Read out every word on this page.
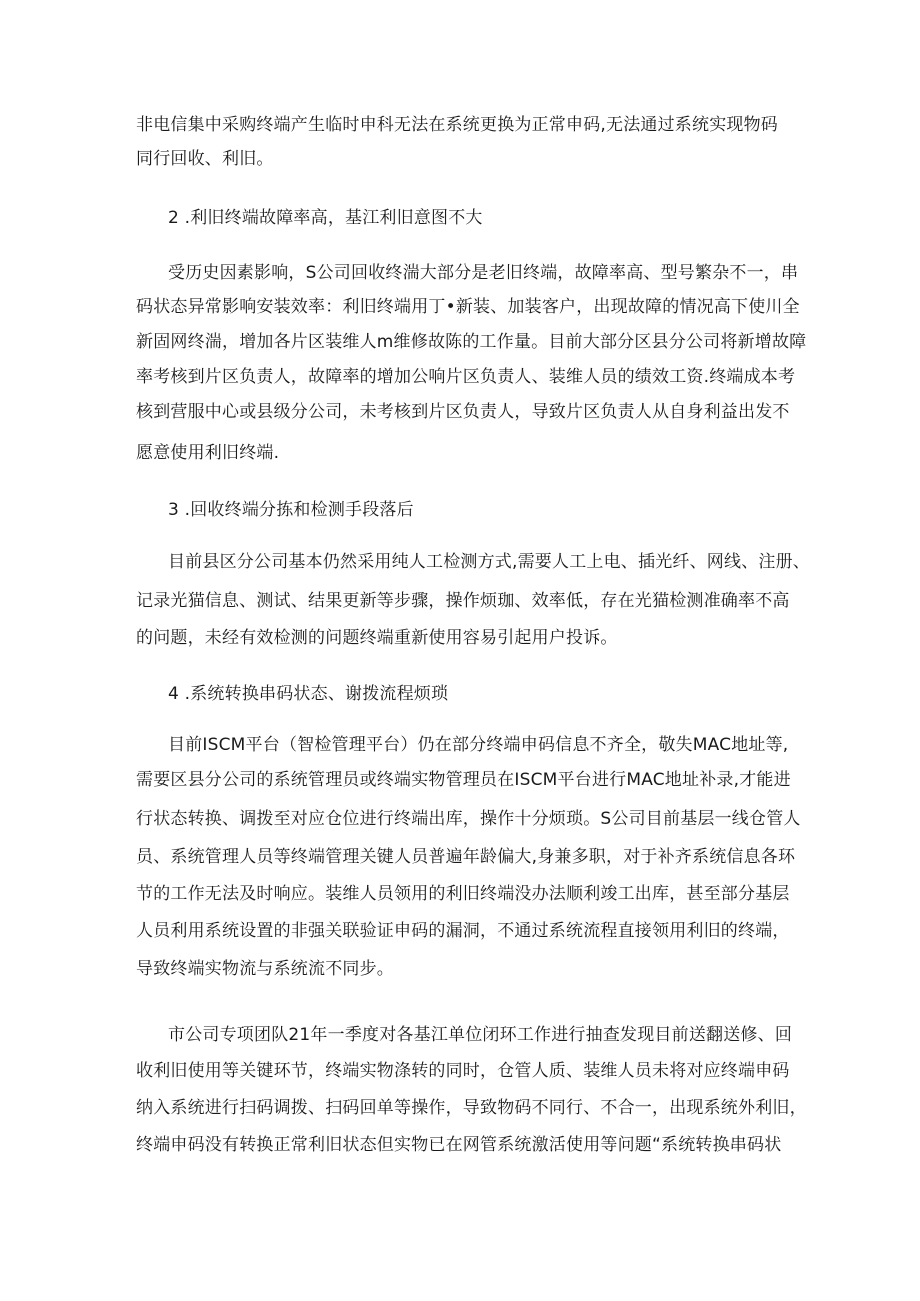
非电信集中采购终端产生临时申科无法在系统更换为正常申码,无法通过系统实现物码
同行回收、利旧。
2 .利旧终端故障率高，基江利旧意图不大
受历史因素影响，S公司回收终湍大部分是老旧终端，故障率高、型号繁杂不一，串
码状态异常影响安装效率：利旧终端用丁•新装、加装客户，出现故障的情况高下使川全
新固网终湍，增加各片区装维人m维修故陈的工作量。目前大部分区县分公司将新增故障
率考核到片区负责人，故障率的增加公响片区负责人、装维人员的绩效工资.终端成本考
核到营服中心或县级分公司，未考核到片区负责人，导致片区负责人从自身利益出发不
愿意使用利旧终端.
3 .回收终端分拣和检测手段落后
目前县区分公司基本仍然采用纯人工检测方式,需要人工上电、插光纤、网线、注册、
记录光猫信息、测试、结果更新等步骤，操作烦珈、效率低，存在光猫检测准确率不高
的问题，未经有效检测的问题终端重新使用容易引起用户投诉。
4 .系统转换串码状态、谢拨流程烦琐
目前ISCM平台（智检管理平台）仍在部分终端申码信息不齐全，敬失MAC地址等,
需要区县分公司的系统管理员或终端实物管理员在ISCM平台进行MAC地址补录,才能进
行状态转换、调拨至对应仓位进行终端出库，操作十分烦琐。S公司目前基层一线仓管人
员、系统管理人员等终端管理关键人员普遍年龄偏大,身兼多职，对于补齐系统信息各环
节的工作无法及时响应。装维人员领用的利旧终端没办法顺利竣工出库，甚至部分基层
人员利用系统设置的非强关联验证申码的漏洞，不通过系统流程直接领用利旧的终端，
导致终端实物流与系统流不同步。
市公司专项团队21年一季度对各基江单位闭环工作进行抽查发现目前送翻送修、回
收利旧使用等关键环节，终端实物涤转的同时，仓管人质、装维人员未将对应终端申码
纳入系统进行扫码调拨、扫码回单等操作，导致物码不同行、不合一，出现系统外利旧，
终端申码没有转换正常利旧状态但实物已在网管系统激活使用等问题“系统转换串码状
